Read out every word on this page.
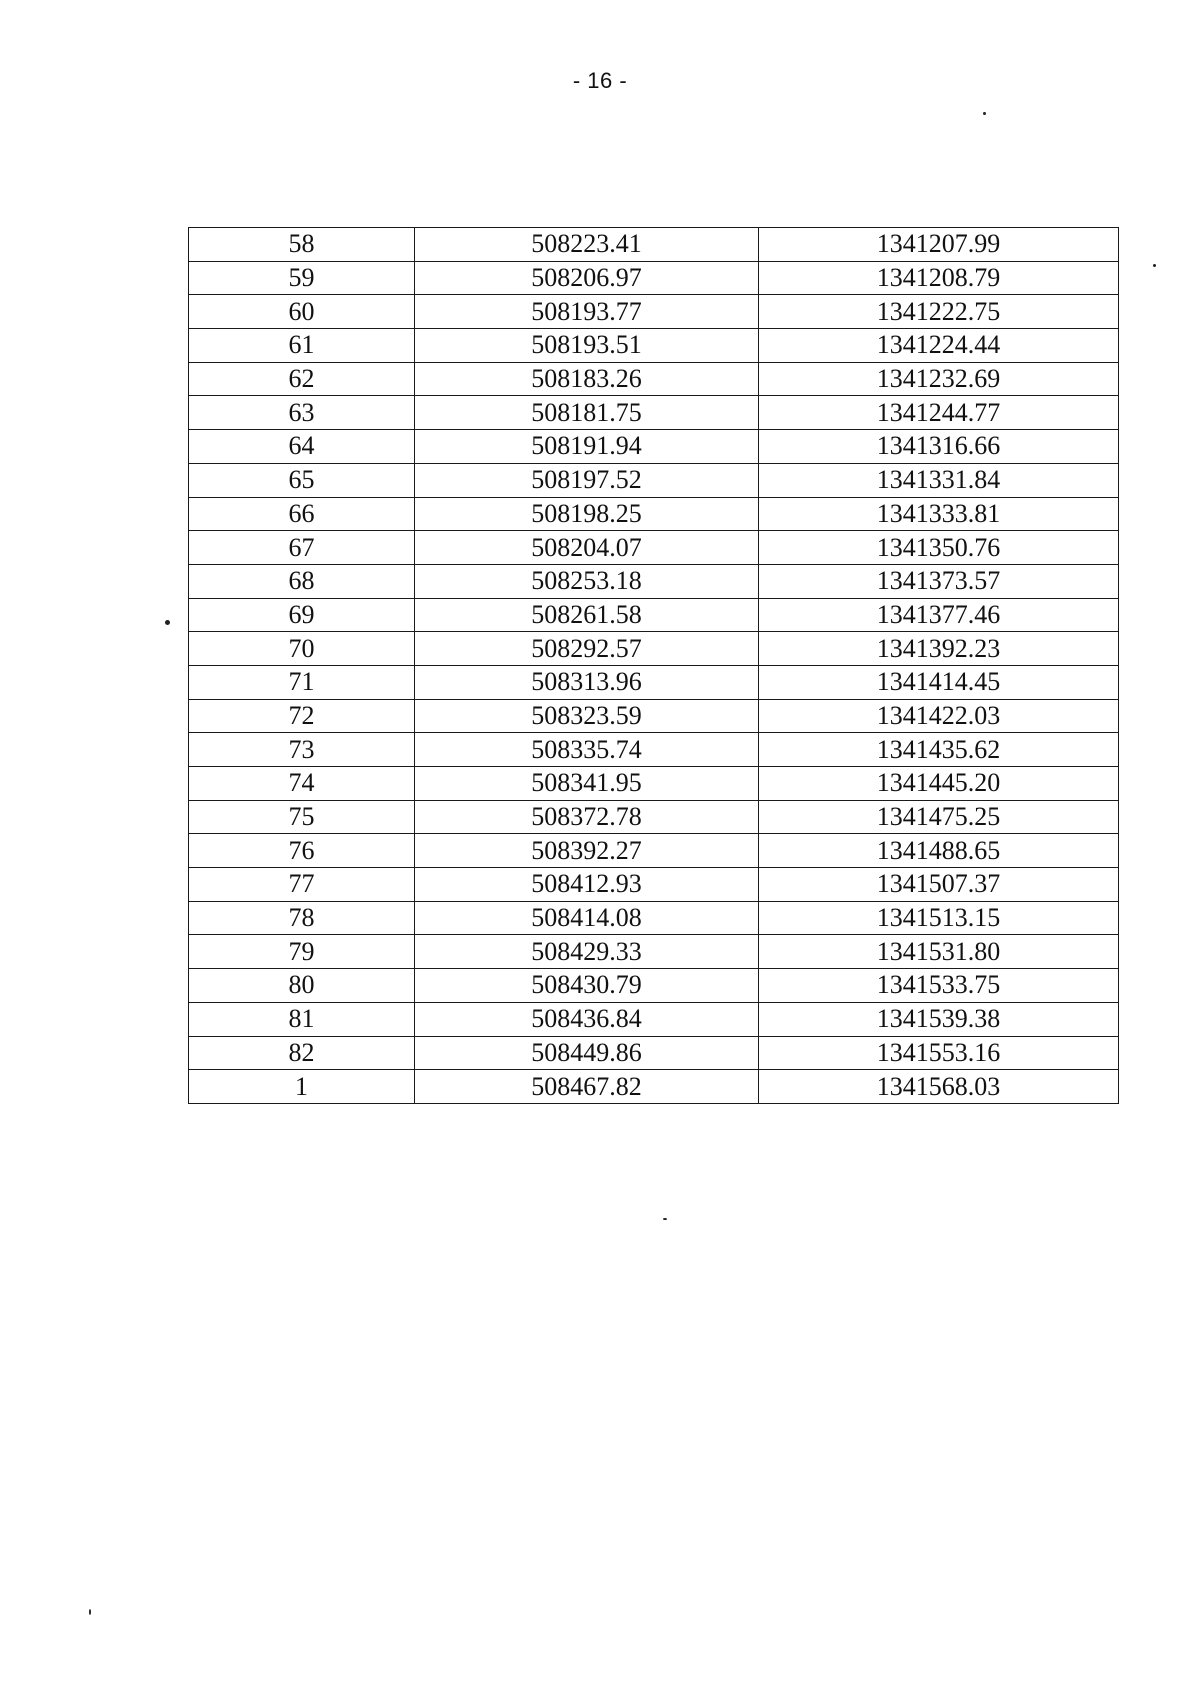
- 16 -
58	508223.41	1341207.99
59	508206.97	1341208.79
60	508193.77	1341222.75
61	508193.51	1341224.44
62	508183.26	1341232.69
63	508181.75	1341244.77
64	508191.94	1341316.66
65	508197.52	1341331.84
66	508198.25	1341333.81
67	508204.07	1341350.76
68	508253.18	1341373.57
69	508261.58	1341377.46
70	508292.57	1341392.23
71	508313.96	1341414.45
72	508323.59	1341422.03
73	508335.74	1341435.62
74	508341.95	1341445.20
75	508372.78	1341475.25
76	508392.27	1341488.65
77	508412.93	1341507.37
78	508414.08	1341513.15
79	508429.33	1341531.80
80	508430.79	1341533.75
81	508436.84	1341539.38
82	508449.86	1341553.16
1	508467.82	1341568.03
